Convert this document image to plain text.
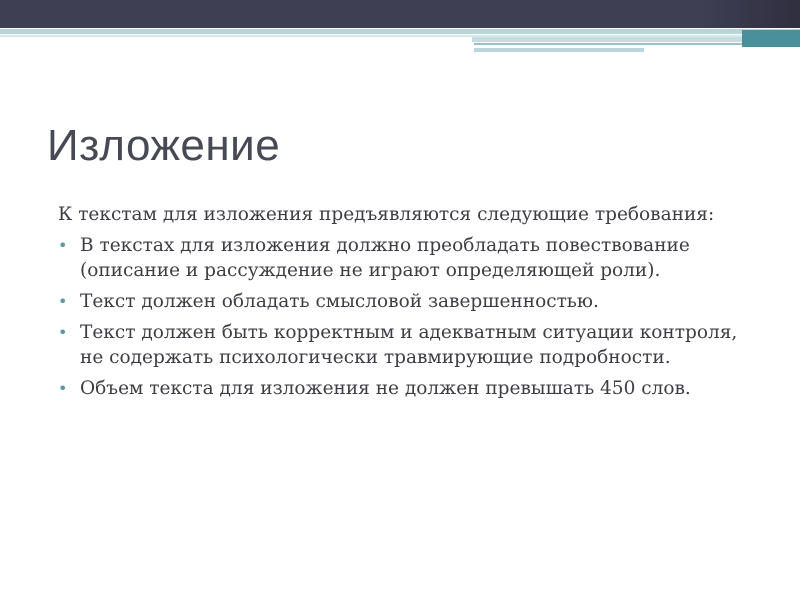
Изложение

К текстам для изложения предъявляются следующие требования:

• В текстах для изложения должно преобладать повествование (описание и рассуждение не играют определяющей роли).
• Текст должен обладать смысловой завершенностью.
• Текст должен быть корректным и адекватным ситуации контроля, не содержать психологически травмирующие подробности.
• Объем текста для изложения не должен превышать 450 слов.
